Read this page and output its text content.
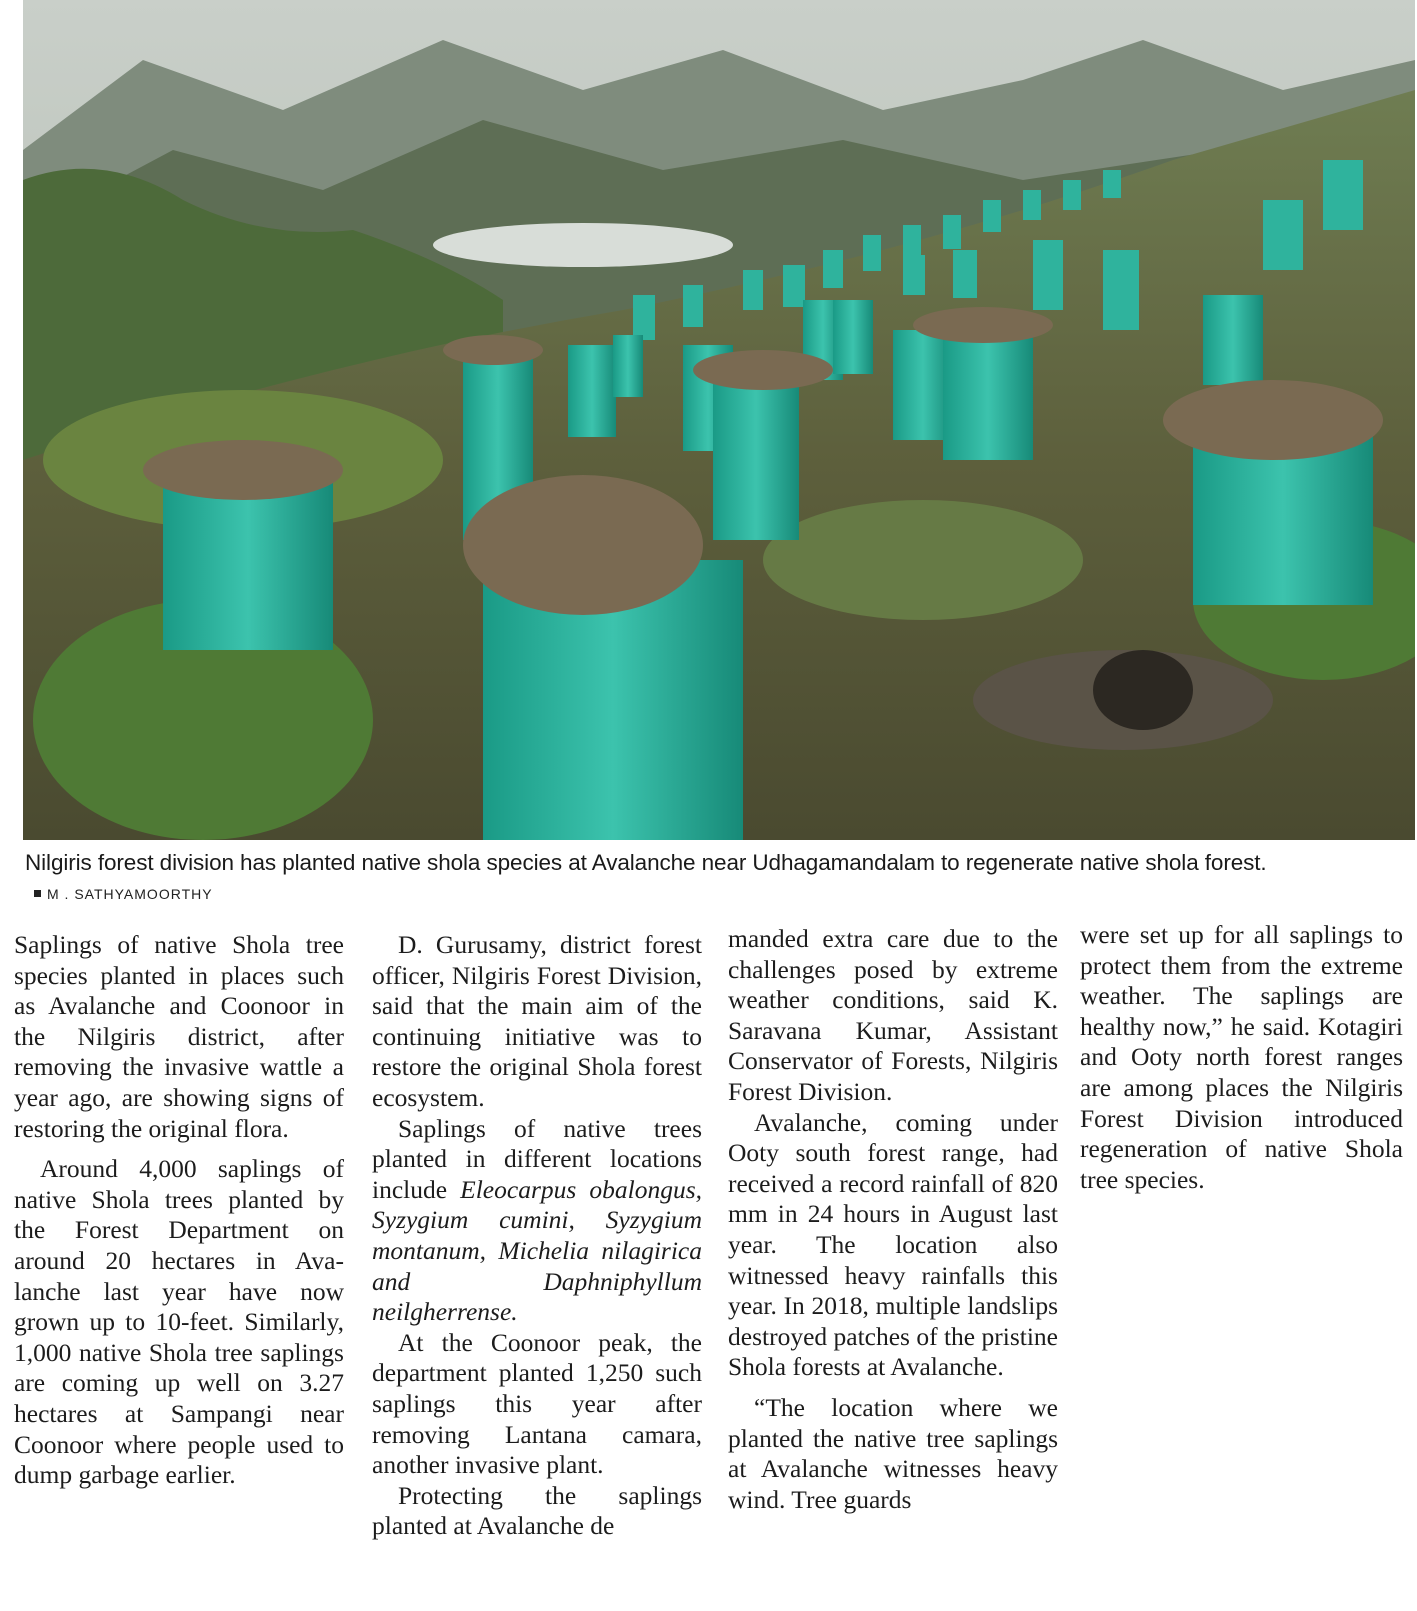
Nilgiris forest division has planted native shola species at Avalanche near Udhagamandalam to regenerate native shola forest.
M . SATHYAMOORTHY

Saplings of native Shola tree species planted in places such as Avalanche and Coonoor in the Nilgiris district, after removing the invasive wattle a year ago, are showing signs of restoring the original flora.

Around 4,000 saplings of native Shola trees planted by the Forest Department on around 20 hectares in Avalanche last year have now grown up to 10-feet. Similarly, 1,000 native Shola tree saplings are coming up well on 3.27 hectares at Sampangi near Coonoor where people used to dump garbage earlier.

D. Gurusamy, district forest officer, Nilgiris Forest Division, said that the main aim of the continuing initiative was to restore the original Shola forest ecosystem.

Saplings of native trees planted in different locations include Eleocarpus obalongus, Syzygium cumini, Syzygium montanum, Michelia nilagirica and Daphniphyllum neilgherrense.

At the Coonoor peak, the department planted 1,250 such saplings this year after removing Lantana camara, another invasive plant.

Protecting the saplings planted at Avalanche de

manded extra care due to the challenges posed by extreme weather conditions, said K. Saravana Kumar, Assistant Conservator of Forests, Nilgiris Forest Division.

Avalanche, coming under Ooty south forest range, had received a record rainfall of 820 mm in 24 hours in August last year. The location also witnessed heavy rainfalls this year. In 2018, multiple landslips destroyed patches of the pristine Shola forests at Avalanche.

“The location where we planted the native tree saplings at Avalanche witnesses heavy wind. Tree guards

were set up for all saplings to protect them from the extreme weather. The saplings are healthy now,” he said. Kotagiri and Ooty north forest ranges are among places the Nilgiris Forest Division introduced regeneration of native Shola tree species.
